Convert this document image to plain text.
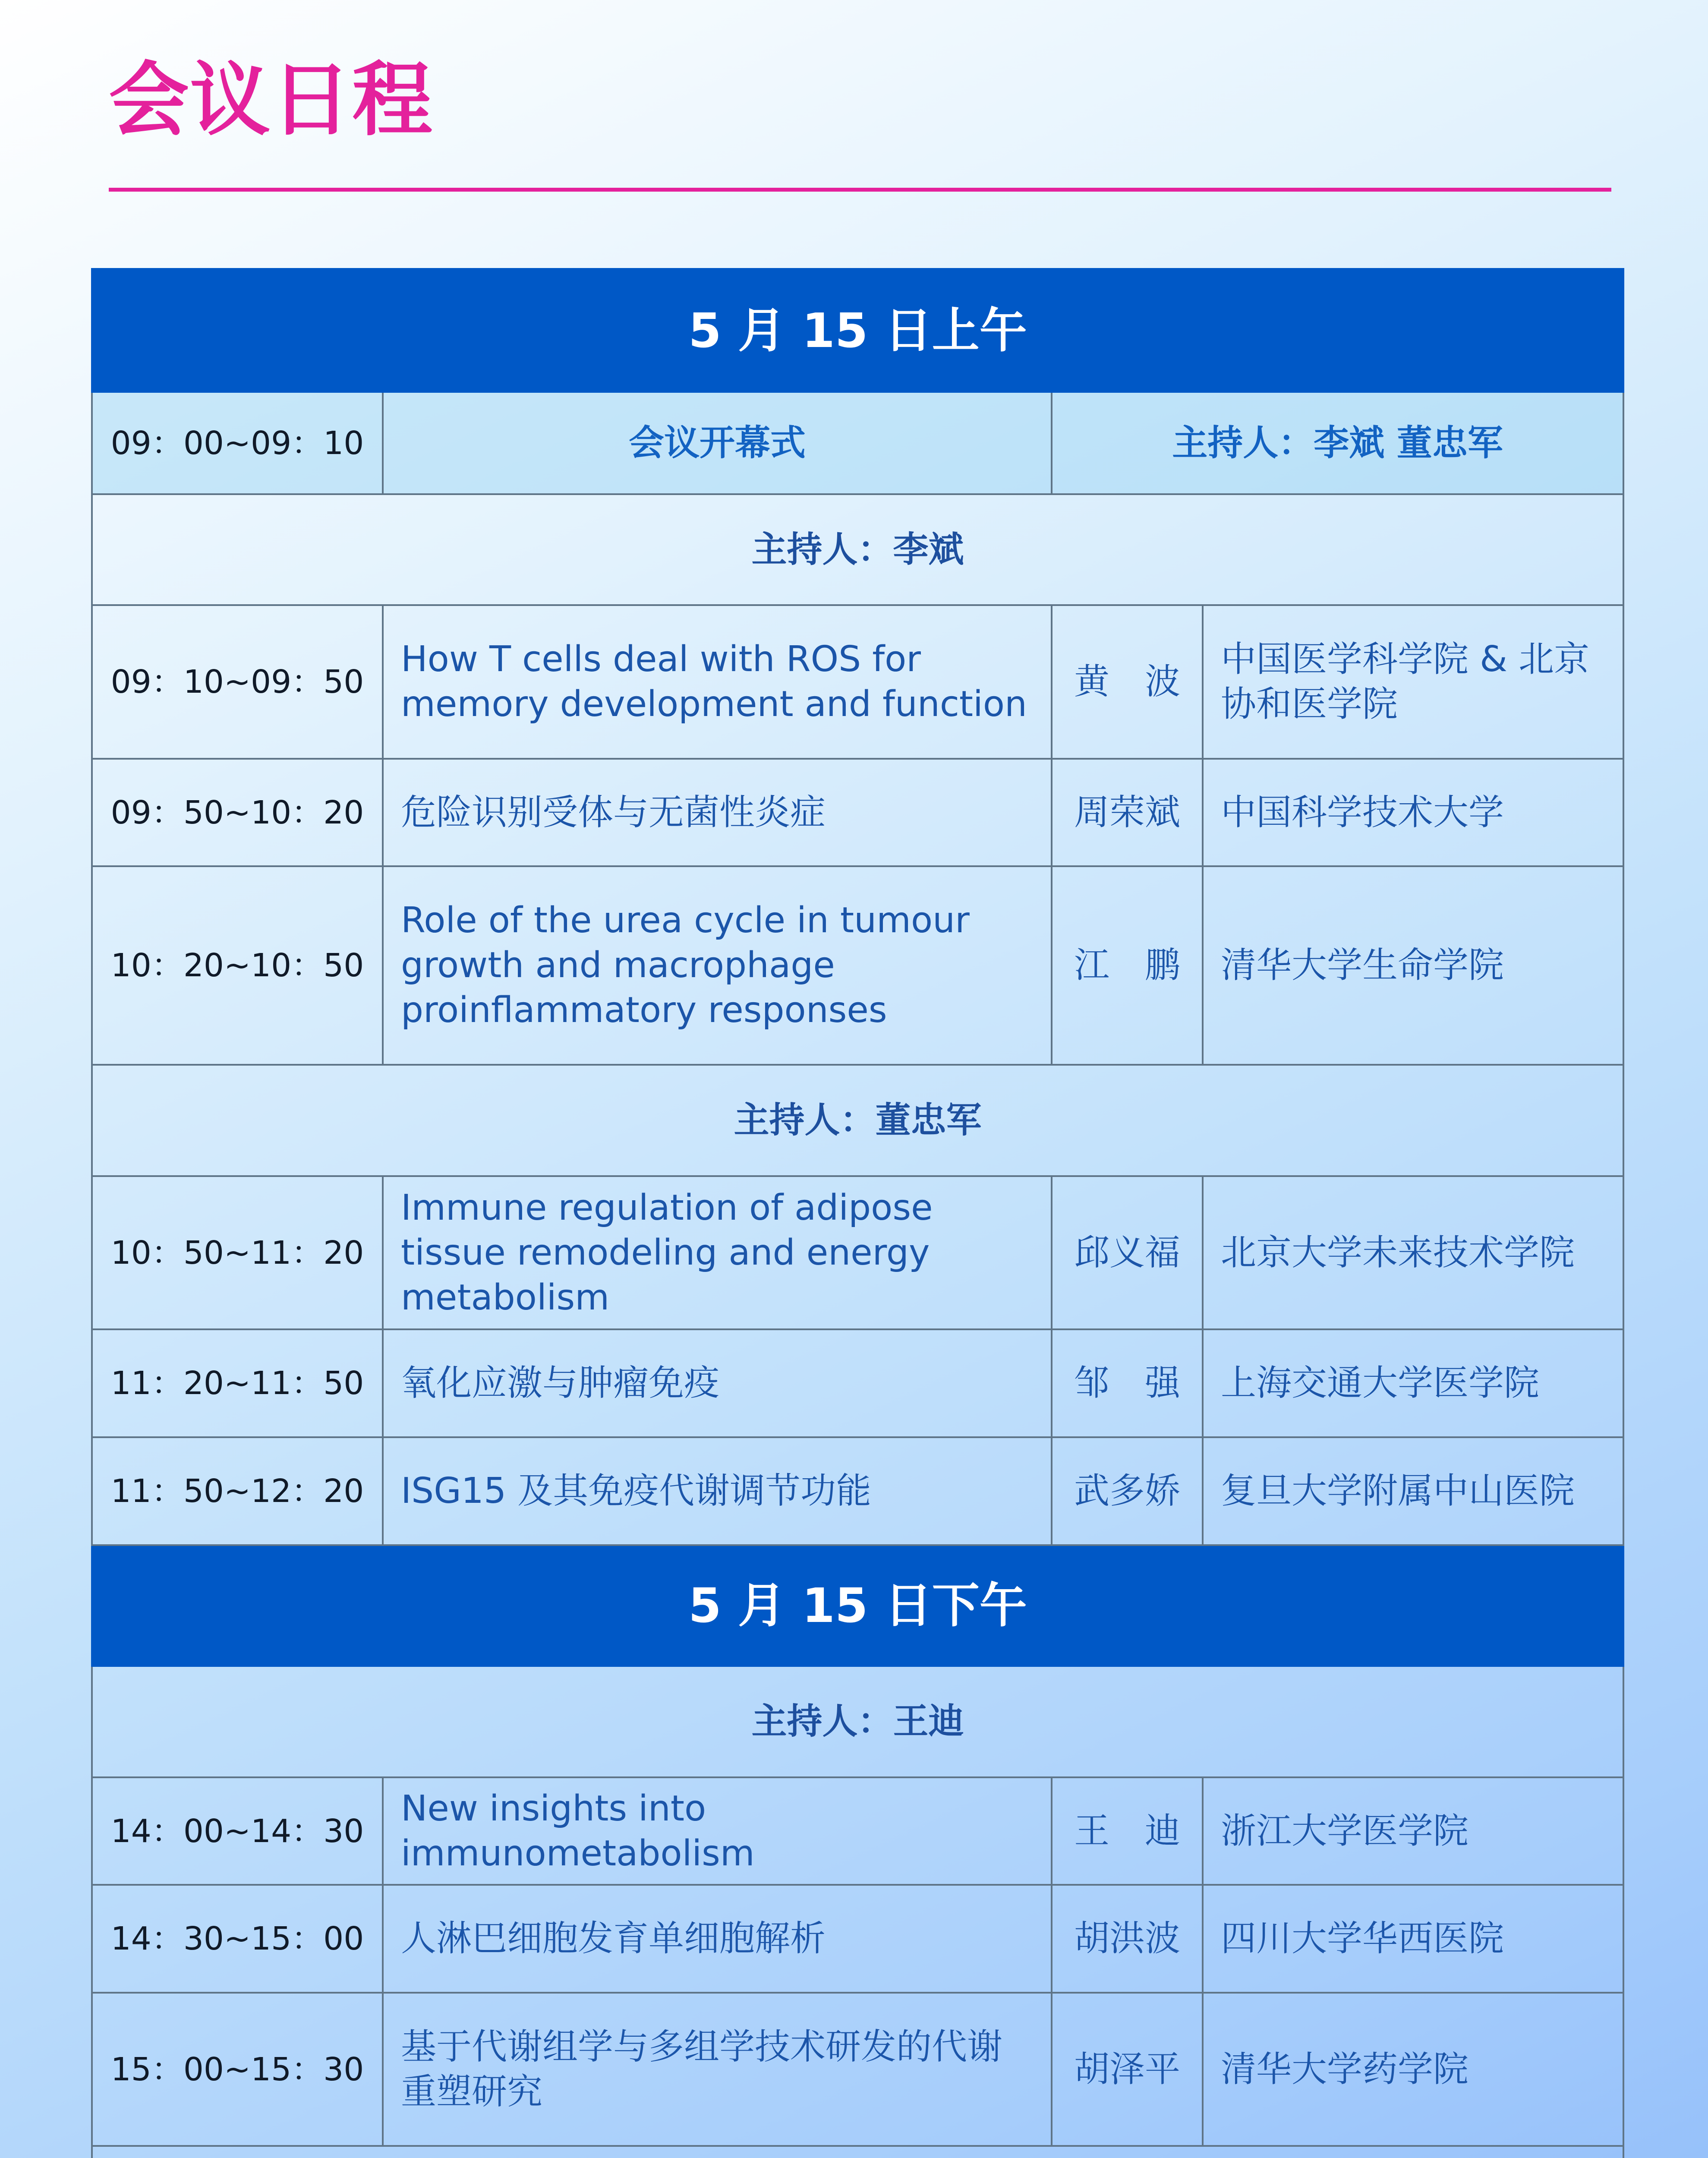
会议日程
5 月 15 日上午			
09：00~09：10	会议开幕式	主持人：李斌 董忠军	
主持人：李斌			
09：10~09：50	How T cells deal with ROS for memory development and function	黄　波	中国医学科学院 & 北京协和医学院
09：50~10：20	危险识别受体与无菌性炎症	周荣斌	中国科学技术大学
10：20~10：50	Role of the urea cycle in tumour growth and macrophage proinflammatory responses	江　鹏	清华大学生命学院
主持人：董忠军			
10：50~11：20	Immune regulation of adipose tissue remodeling and energy metabolism	邱义福	北京大学未来技术学院
11：20~11：50	氧化应激与肿瘤免疫	邹　强	上海交通大学医学院
11：50~12：20	ISG15 及其免疫代谢调节功能	武多娇	复旦大学附属中山医院
5 月 15 日下午			
主持人：王迪			
14：00~14：30	New insights into immunometabolism	王　迪	浙江大学医学院
14：30~15：00	人淋巴细胞发育单细胞解析	胡洪波	四川大学华西医院
15：00~15：30	基于代谢组学与多组学技术研发的代谢重塑研究	胡泽平	清华大学药学院
